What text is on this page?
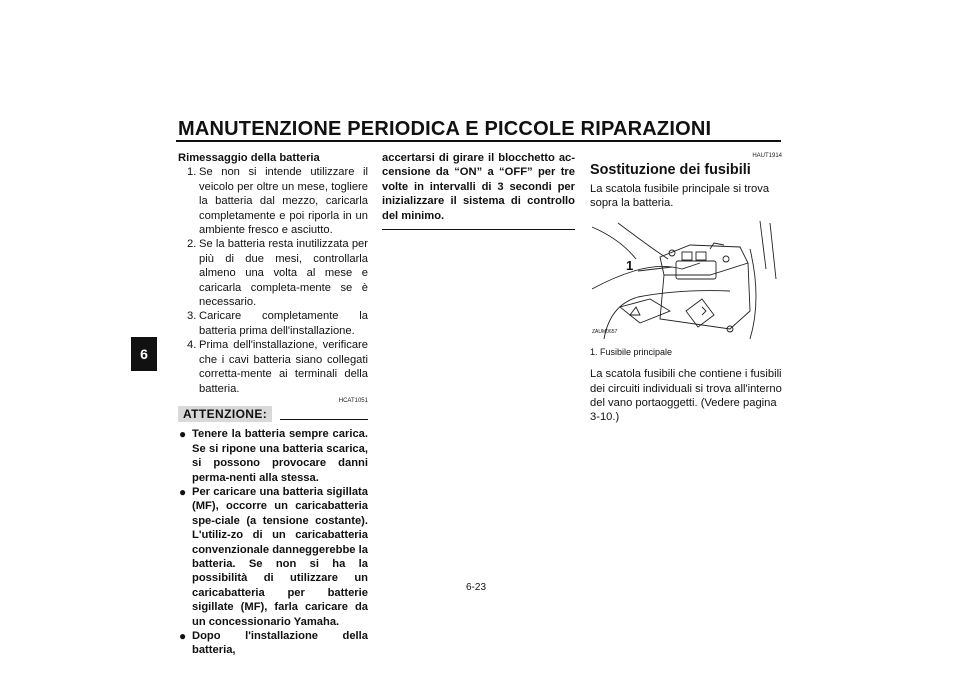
MANUTENZIONE PERIODICA E PICCOLE RIPARAZIONI
6

Rimessaggio della batteria

1. Se non si intende utilizzare il veicolo per oltre un mese, togliere la batteria dal mezzo, caricarla completamente e poi riporla in un ambiente fresco e asciutto.
2. Se la batteria resta inutilizzata per più di due mesi, controllarla almeno una volta al mese e caricarla completa-mente se è necessario.
3. Caricare completamente la batteria prima dell'installazione.
4. Prima dell'installazione, verificare che i cavi batteria siano collegati corretta-mente ai terminali della batteria.
HCAT1051
ATTENZIONE:
● Tenere la batteria sempre carica. Se si ripone una batteria scarica, si possono provocare danni perma-nenti alla stessa.
● Per caricare una batteria sigillata (MF), occorre un caricabatteria spe-ciale (a tensione costante). L'utiliz-zo di un caricabatteria convenzionale danneggerebbe la batteria. Se non si ha la possibilità di utilizzare un caricabatteria per batterie sigillate (MF), farla caricare da un concessionario Yamaha.
● Dopo l'installazione della batteria,
accertarsi di girare il blocchetto ac-censione da “ON” a “OFF” per tre volte in intervalli di 3 secondi per inizializzare il sistema di controllo del minimo.
HAUT1914
Sostituzione dei fusibili
La scatola fusibile principale si trova sopra la batteria.
1
ZAUM0657
1. Fusibile principale
La scatola fusibili che contiene i fusibili dei circuiti individuali si trova all'interno del vano portaoggetti. (Vedere pagina 3-10.)
6-23
